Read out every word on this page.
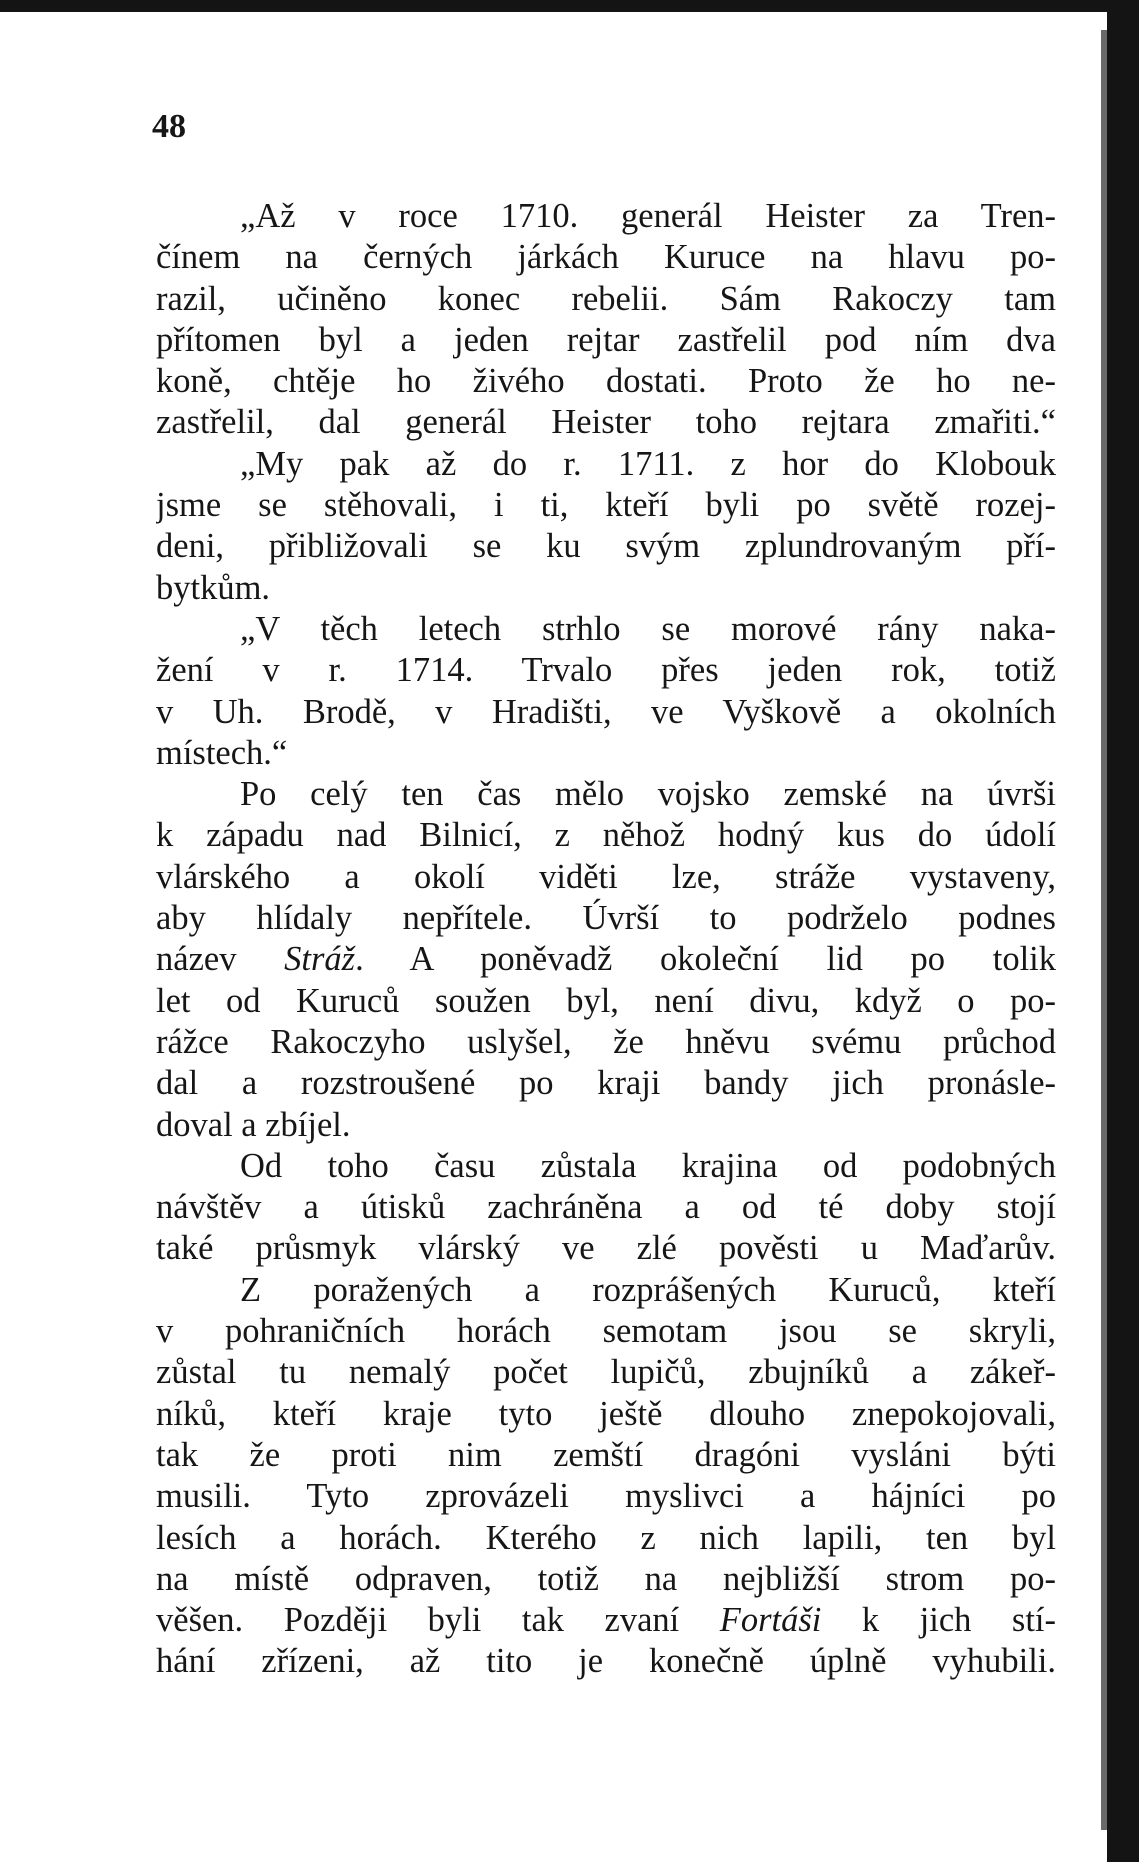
48
„Až v roce 1710. generál Heister za Tren-
čínem na černých járkách Kuruce na hlavu po-
razil, učiněno konec rebelii. Sám Rakoczy tam
přítomen byl a jeden rejtar zastřelil pod ním dva
koně, chtěje ho živého dostati. Proto že ho ne-
zastřelil, dal generál Heister toho rejtara zmařiti.“
„My pak až do r. 1711. z hor do Klobouk
jsme se stěhovali, i ti, kteří byli po světě rozej-
deni, přibližovali se ku svým zplundrovaným pří-
bytkům.
„V těch letech strhlo se morové rány naka-
žení v r. 1714. Trvalo přes jeden rok, totiž
v Uh. Brodě, v Hradišti, ve Vyškově a okolních
místech.“
Po celý ten čas mělo vojsko zemské na úvrši
k západu nad Bilnicí, z něhož hodný kus do údolí
vlárského a okolí viděti lze, stráže vystaveny,
aby hlídaly nepřítele. Úvrší to podrželo podnes
název Stráž. A poněvadž okoleční lid po tolik
let od Kuruců soužen byl, není divu, když o po-
rážce Rakoczyho uslyšel, že hněvu svému průchod
dal a rozstroušené po kraji bandy jich pronásle-
doval a zbíjel.
Od toho času zůstala krajina od podobných
návštěv a útisků zachráněna a od té doby stojí
také průsmyk vlárský ve zlé pověsti u Maďarův.
Z poražených a rozprášených Kuruců, kteří
v pohraničních horách semotam jsou se skryli,
zůstal tu nemalý počet lupičů, zbujníků a zákeř-
níků, kteří kraje tyto ještě dlouho znepokojovali,
tak že proti nim zemští dragóni vysláni býti
musili. Tyto zprovázeli myslivci a hájníci po
lesích a horách. Kterého z nich lapili, ten byl
na místě odpraven, totiž na nejbližší strom po-
věšen. Později byli tak zvaní Fortáši k jich stí-
hání zřízeni, až tito je konečně úplně vyhubili.
